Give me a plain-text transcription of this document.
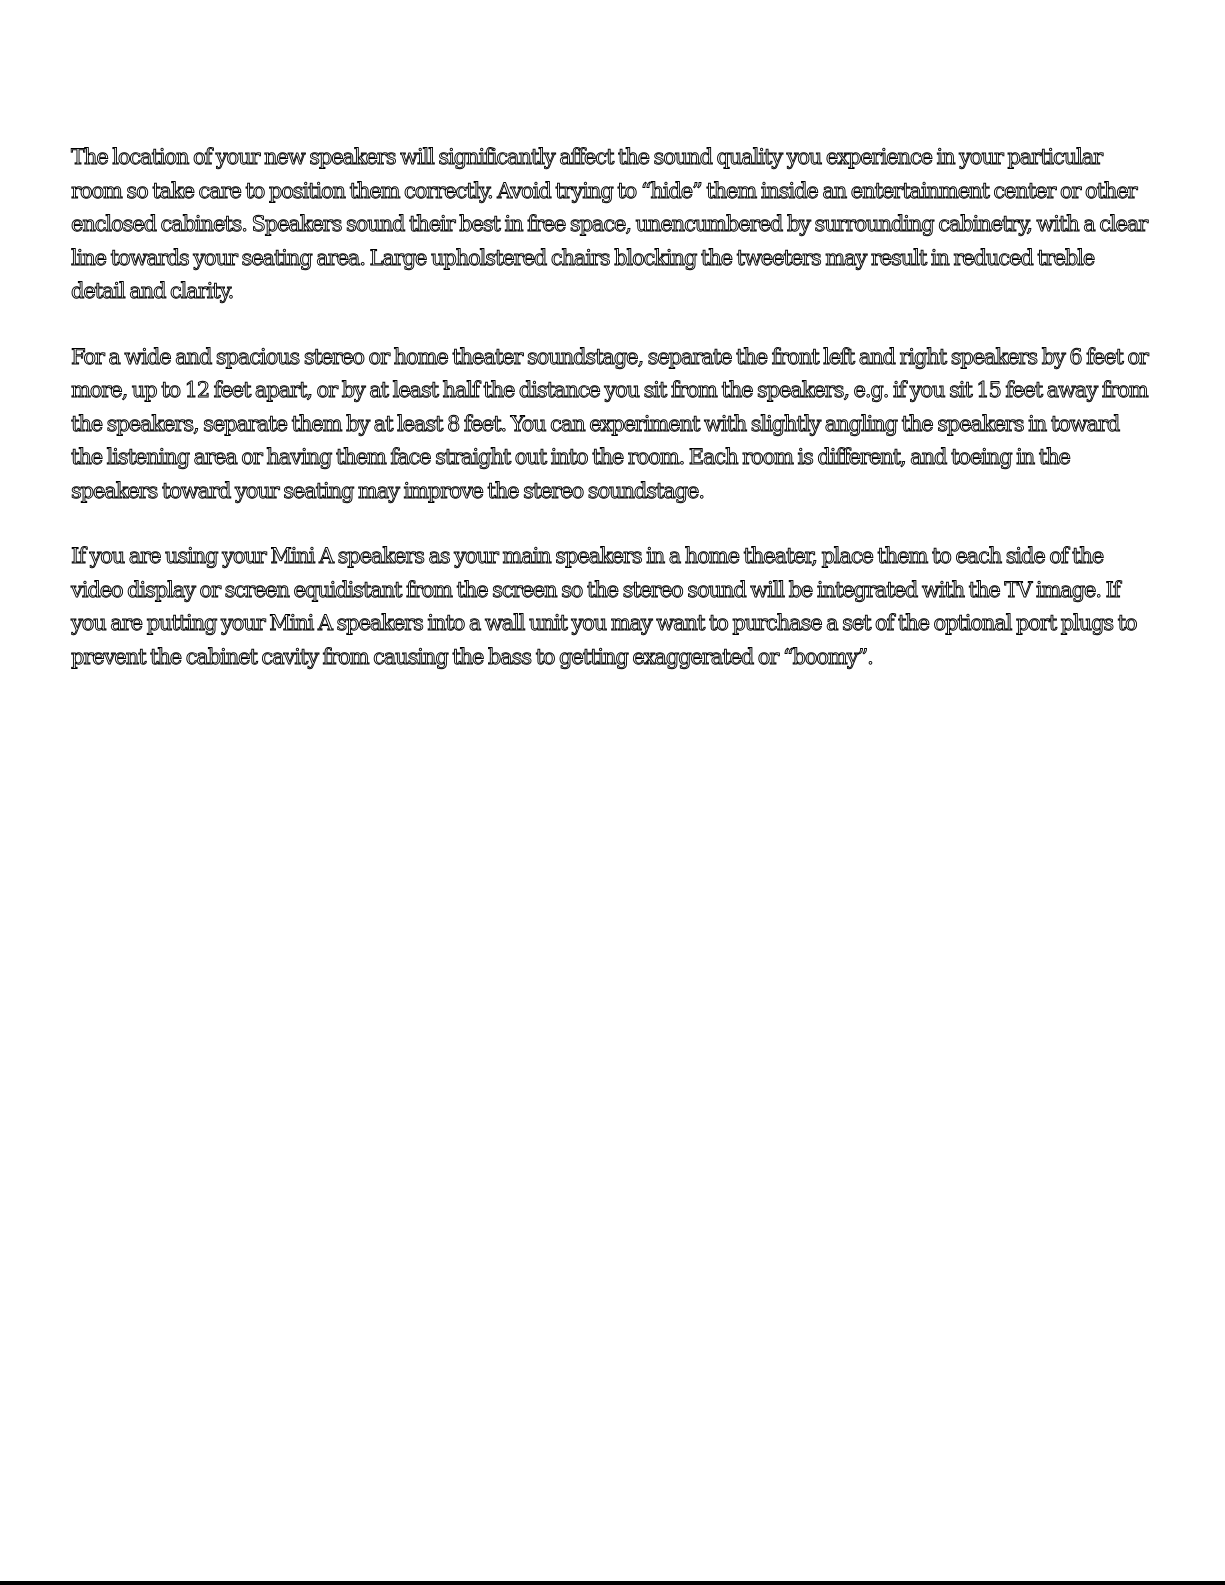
The location of your new speakers will significantly affect the sound quality you experience in your particular room so take care to position them correctly. Avoid trying to “hide” them inside an entertainment center or other enclosed cabinets. Speakers sound their best in free space, unencumbered by surrounding cabinetry, with a clear line towards your seating area. Large upholstered chairs blocking the tweeters may result in reduced treble detail and clarity.

For a wide and spacious stereo or home theater soundstage, separate the front left and right speakers by 6 feet or more, up to 12 feet apart, or by at least half the distance you sit from the speakers, e.g. if you sit 15 feet away from the speakers, separate them by at least 8 feet. You can experiment with slightly angling the speakers in toward the listening area or having them face straight out into the room. Each room is different, and toeing in the speakers toward your seating may improve the stereo soundstage.

If you are using your Mini A speakers as your main speakers in a home theater, place them to each side of the video display or screen equidistant from the screen so the stereo sound will be integrated with the TV image. If you are putting your Mini A speakers into a wall unit you may want to purchase a set of the optional port plugs to prevent the cabinet cavity from causing the bass to getting exaggerated or “boomy”.
